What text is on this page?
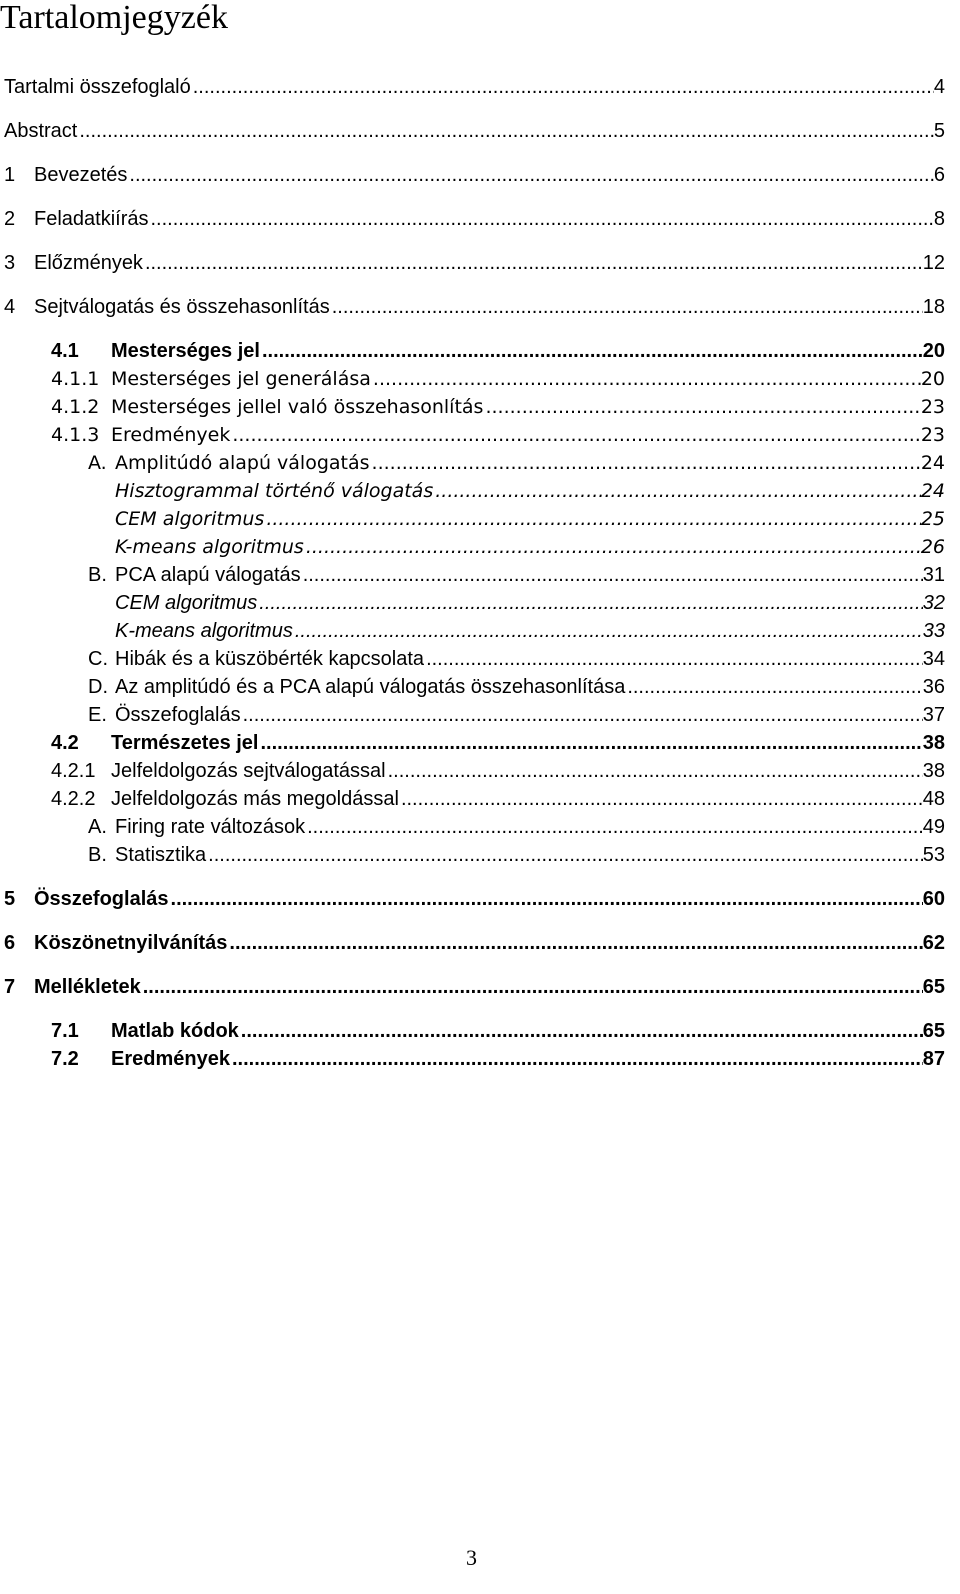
Tartalomjegyzék
Tartalmi összefoglaló .....	4
Abstract .....	5
1 Bevezetés .....	6
2 Feladatkiírás .....	8
3 Előzmények .....	12
4 Sejtválogatás és összehasonlítás .....	18
4.1	Mesterséges jel .....	20
4.1.1 Mesterséges jel generálása .....	20
4.1.2 Mesterséges jellel való összehasonlítás .....	23
4.1.3 Eredmények .....	23
A. Amplitúdó alapú válogatás .....	24
Hisztogrammal történő válogatás .....	24
CEM algoritmus .....	25
K-means algoritmus .....	26
B. PCA alapú válogatás .....	31
CEM algoritmus .....	32
K-means algoritmus .....	33
C. Hibák és a küszöbérték kapcsolata .....	34
D. Az amplitúdó és a PCA alapú válogatás összehasonlítása .....	36
E. Összefoglalás .....	37
4.2	Természetes jel .....	38
4.2.1 Jelfeldolgozás sejtválogatással .....	38
4.2.2 Jelfeldolgozás más megoldással .....	48
A. Firing rate változások .....	49
B. Statisztika .....	53
5 Összefoglalás .....	60
6 Köszönetnyilvánítás .....	62
7 Mellékletek .....	65
7.1	Matlab kódok .....	65
7.2	Eredmények .....	87
3
